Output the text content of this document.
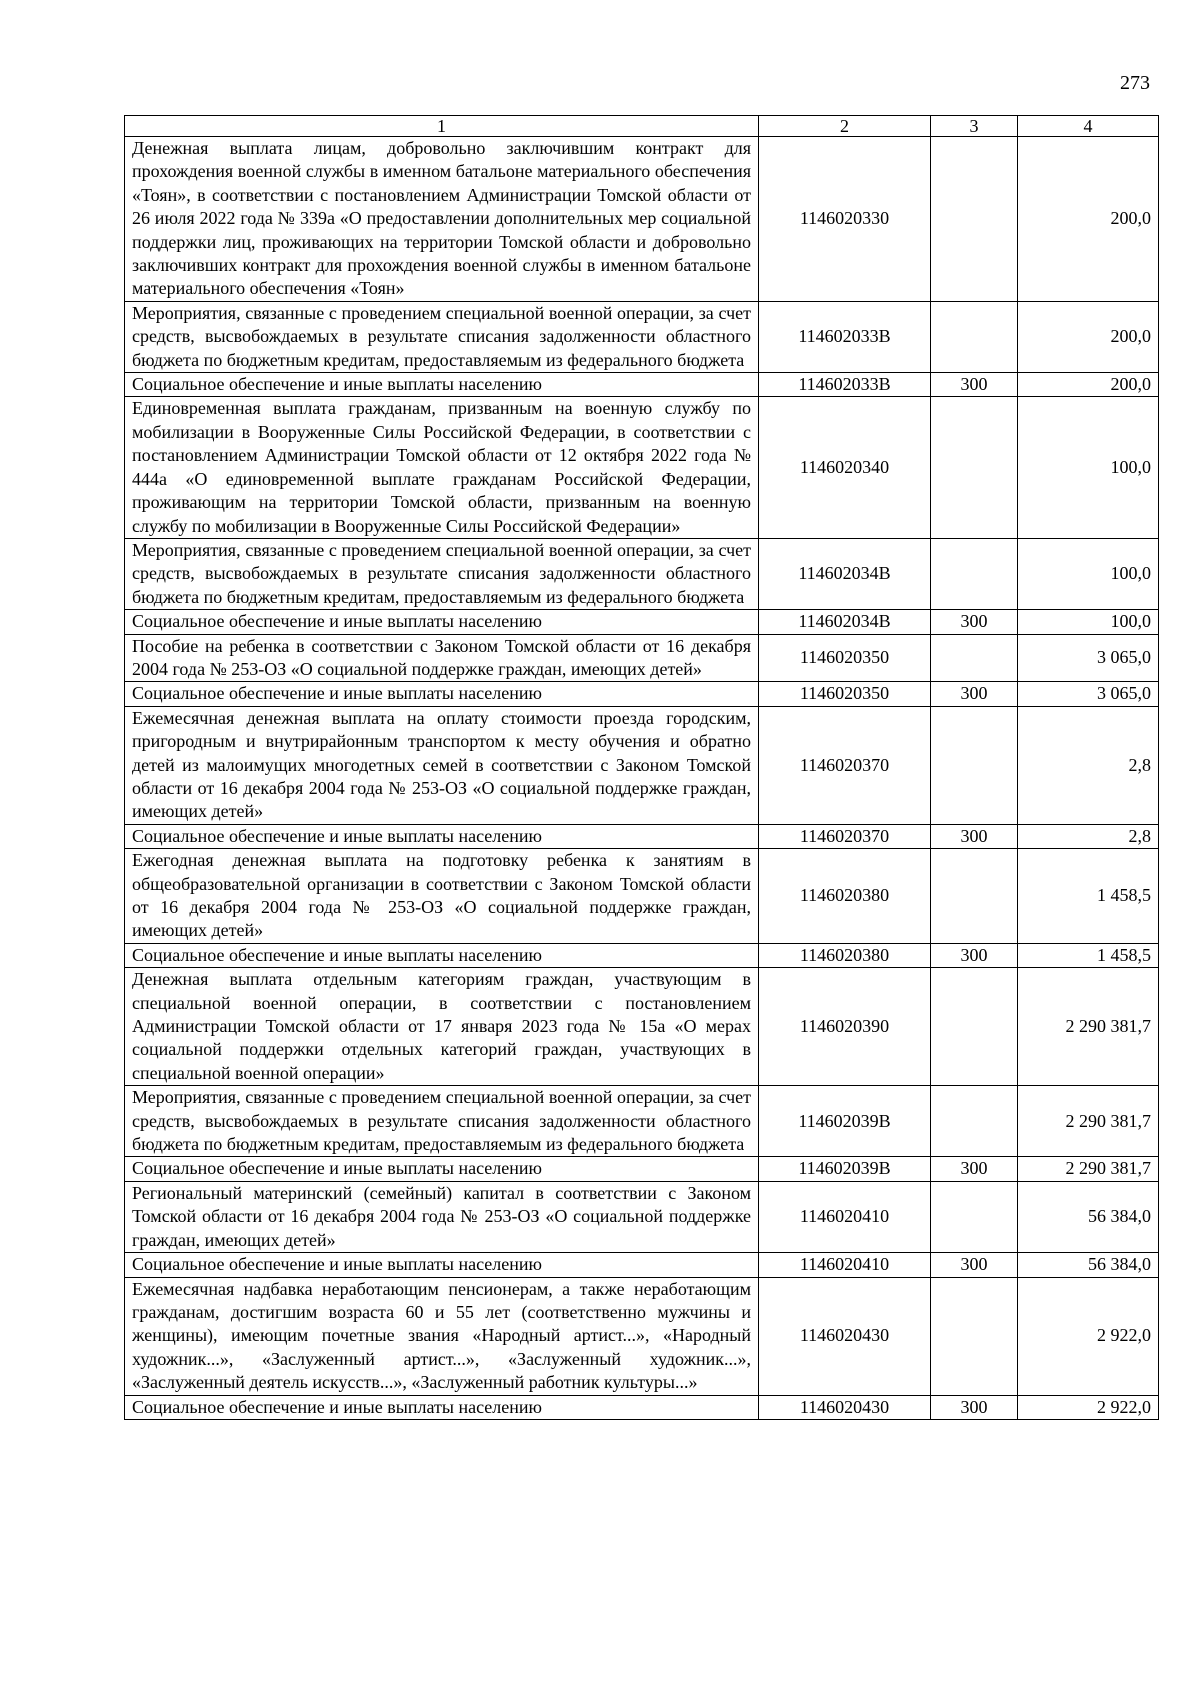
273
1	2	3	4
Денежная выплата лицам, добровольно заключившим контракт для прохождения военной службы в именном батальоне материального обеспечения «Тоян», в соответствии с постановлением Администрации Томской области от 26 июля 2022 года № 339а «О предоставлении дополнительных мер социальной поддержки лиц, проживающих на территории Томской области и добровольно заключивших контракт для прохождения военной службы в именном батальоне материального обеспечения «Тоян»	1146020330		200,0
Мероприятия, связанные с проведением специальной военной операции, за счет средств, высвобождаемых в результате списания задолженности областного бюджета по бюджетным кредитам, предоставляемым из федерального бюджета	114602033В		200,0
Социальное обеспечение и иные выплаты населению	114602033В	300	200,0
Единовременная выплата гражданам, призванным на военную службу по мобилизации в Вооруженные Силы Российской Федерации, в соответствии с постановлением Администрации Томской области от 12 октября 2022 года № 444а «О единовременной выплате гражданам Российской Федерации, проживающим на территории Томской области, призванным на военную службу по мобилизации в Вооруженные Силы Российской Федерации»	1146020340		100,0
Мероприятия, связанные с проведением специальной военной операции, за счет средств, высвобождаемых в результате списания задолженности областного бюджета по бюджетным кредитам, предоставляемым из федерального бюджета	114602034В		100,0
Социальное обеспечение и иные выплаты населению	114602034В	300	100,0
Пособие на ребенка в соответствии с Законом Томской области от 16 декабря 2004 года № 253-ОЗ «О социальной поддержке граждан, имеющих детей»	1146020350		3 065,0
Социальное обеспечение и иные выплаты населению	1146020350	300	3 065,0
Ежемесячная денежная выплата на оплату стоимости проезда городским, пригородным и внутрирайонным транспортом к месту обучения и обратно детей из малоимущих многодетных семей в соответствии с Законом Томской области от 16 декабря 2004 года № 253-ОЗ «О социальной поддержке граждан, имеющих детей»	1146020370		2,8
Социальное обеспечение и иные выплаты населению	1146020370	300	2,8
Ежегодная денежная выплата на подготовку ребенка к занятиям в общеобразовательной организации в соответствии с Законом Томской области от 16 декабря 2004 года № 253-ОЗ «О социальной поддержке граждан, имеющих детей»	1146020380		1 458,5
Социальное обеспечение и иные выплаты населению	1146020380	300	1 458,5
Денежная выплата отдельным категориям граждан, участвующим в специальной военной операции, в соответствии с постановлением Администрации Томской области от 17 января 2023 года № 15а «О мерах социальной поддержки отдельных категорий граждан, участвующих в специальной военной операции»	1146020390		2 290 381,7
Мероприятия, связанные с проведением специальной военной операции, за счет средств, высвобождаемых в результате списания задолженности областного бюджета по бюджетным кредитам, предоставляемым из федерального бюджета	114602039В		2 290 381,7
Социальное обеспечение и иные выплаты населению	114602039В	300	2 290 381,7
Региональный материнский (семейный) капитал в соответствии с Законом Томской области от 16 декабря 2004 года № 253-ОЗ «О социальной поддержке граждан, имеющих детей»	1146020410		56 384,0
Социальное обеспечение и иные выплаты населению	1146020410	300	56 384,0
Ежемесячная надбавка неработающим пенсионерам, а также неработающим гражданам, достигшим возраста 60 и 55 лет (соответственно мужчины и женщины), имеющим почетные звания «Народный артист...», «Народный художник...», «Заслуженный артист...», «Заслуженный художник...», «Заслуженный деятель искусств...», «Заслуженный работник культуры...»	1146020430		2 922,0
Социальное обеспечение и иные выплаты населению	1146020430	300	2 922,0
